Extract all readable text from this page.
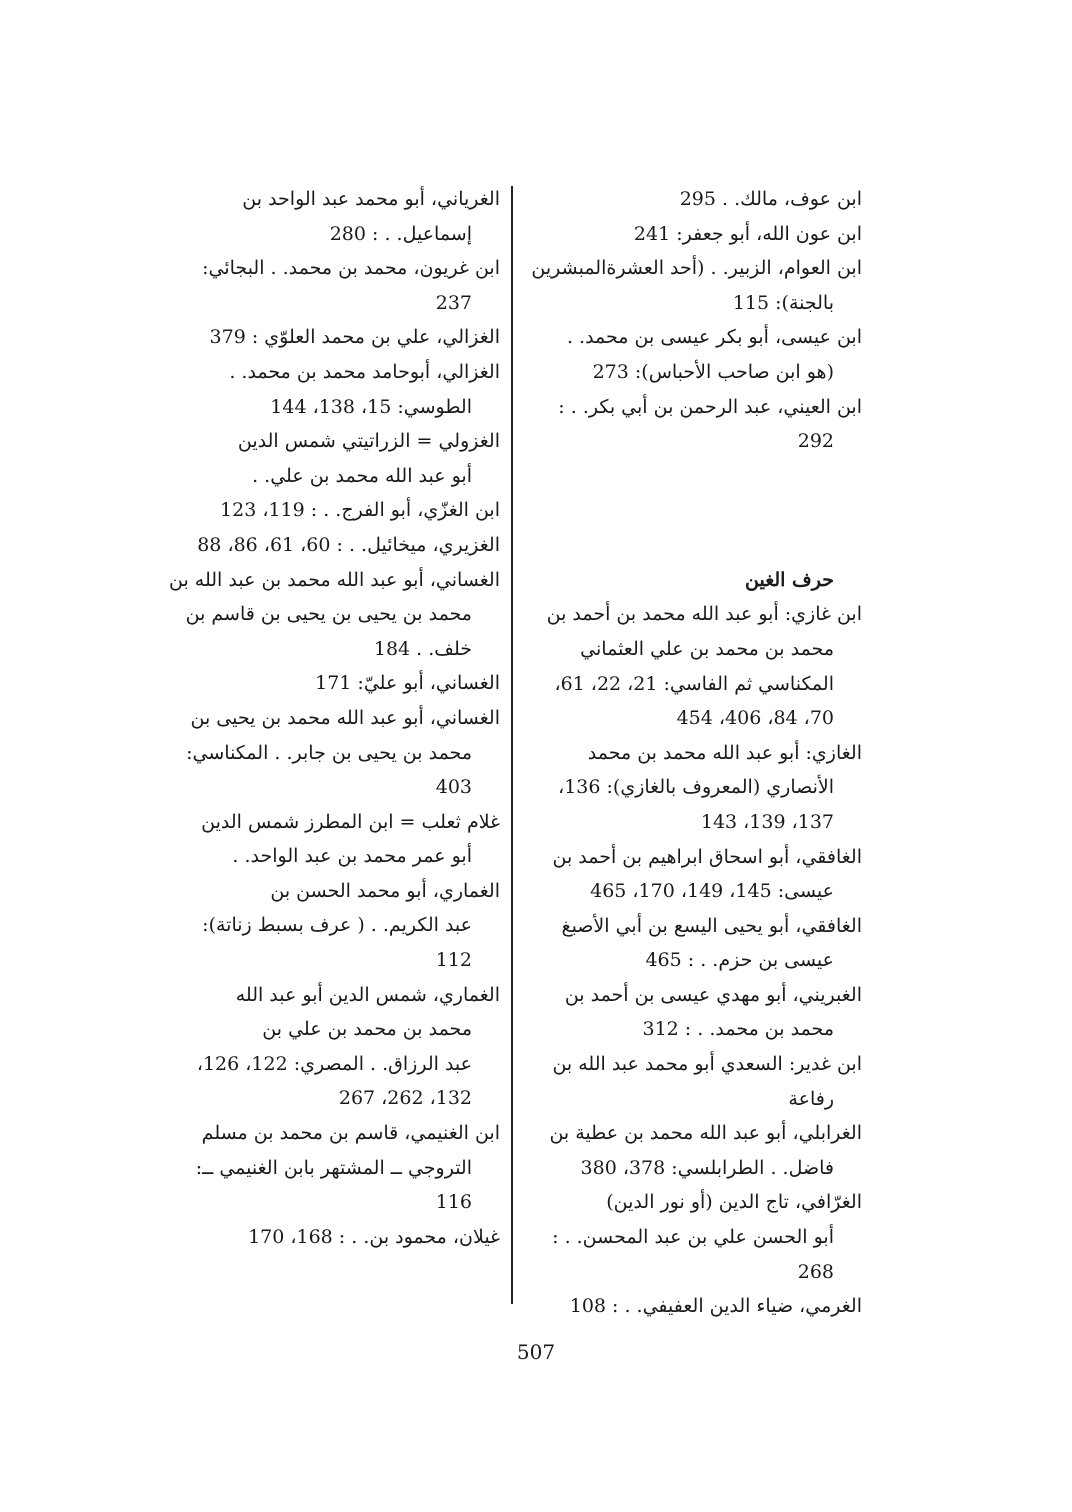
ابن عوف، مالك. . 295
ابن عون الله، أبو جعفر: 241
ابن العوام، الزبير. . (أحد العشرةالمبشرين
بالجنة): 115
ابن عيسى، أبو بكر عيسى بن محمد. .
(هو ابن صاحب الأحباس): 273
ابن العيني، عبد الرحمن بن أبي بكر. . :
292
حرف الغين
ابن غازي: أبو عبد الله محمد بن أحمد بن
محمد بن محمد بن علي العثماني
المكناسي ثم الفاسي: 21، 22، 61،
70، 84، 406، 454
الغازي: أبو عبد الله محمد بن محمد
الأنصاري (المعروف بالغازي): 136،
137، 139، 143
الغافقي، أبو اسحاق ابراهيم بن أحمد بن
عيسى: 145، 149، 170، 465
الغافقي، أبو يحيى اليسع بن أبي الأصبغ
عيسى بن حزم. . : 465
الغبريني، أبو مهدي عيسى بن أحمد بن
محمد بن محمد. . : 312
ابن غدير: السعدي أبو محمد عبد الله بن
رفاعة
الغرابلي، أبو عبد الله محمد بن عطية بن
فاضل. . الطرابلسي: 378، 380
الغرّافي، تاج الدين (أو نور الدين)
أبو الحسن علي بن عبد المحسن. . :
268
الغرمي، ضياء الدين العفيفي. . : 108
الغرياني، أبو محمد عبد الواحد بن
إسماعيل. . : 280
ابن غريون، محمد بن محمد. . البجائي:
237
الغزالي، علي بن محمد العلوّي : 379
الغزالي، أبوحامد محمد بن محمد. .
الطوسي: 15، 138، 144
الغزولي = الزراتيتي شمس الدين
أبو عبد الله محمد بن علي. .
ابن الغزّي، أبو الفرج. . : 119، 123
الغزيري، ميخائيل. . : 60، 61، 86، 88
الغساني، أبو عبد الله محمد بن عبد الله بن
محمد بن يحيى بن يحيى بن قاسم بن
خلف. . 184
الغساني، أبو عليّ: 171
الغساني، أبو عبد الله محمد بن يحيى بن
محمد بن يحيى بن جابر. . المكناسي:
403
غلام ثعلب = ابن المطرز شمس الدين
أبو عمر محمد بن عبد الواحد. .
الغماري، أبو محمد الحسن بن
عبد الكريم. . ( عرف بسبط زناتة):
112
الغماري، شمس الدين أبو عبد الله
محمد بن محمد بن علي بن
عبد الرزاق. . المصري: 122، 126،
132، 262، 267
ابن الغنيمي، قاسم بن محمد بن مسلم
التروجي ــ المشتهر بابن الغنيمي ــ:
116
غيلان، محمود بن. . : 168، 170
507
